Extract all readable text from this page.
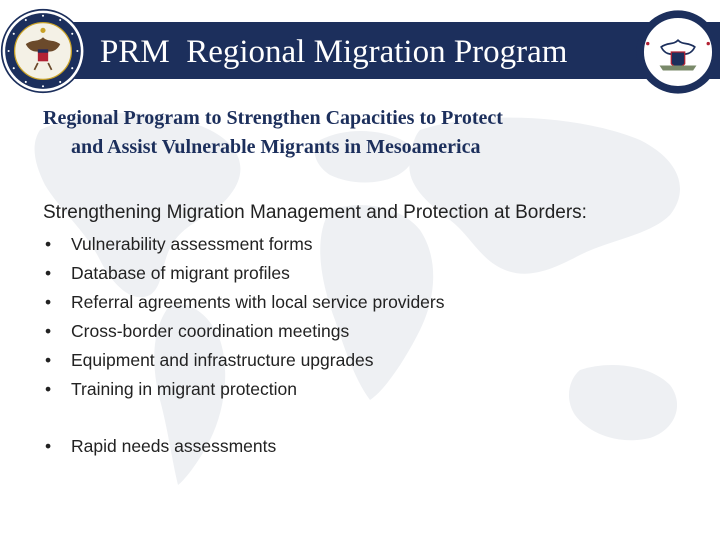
PRM  Regional Migration Program
Regional Program to Strengthen Capacities to Protect

and Assist Vulnerable Migrants in Mesoamerica
Strengthening Migration Management and Protection at Borders:
•	Vulnerability assessment forms
•	Database of migrant profiles
•	Referral agreements with local service providers
•	Cross-border coordination meetings
•	Equipment and infrastructure upgrades
•	Training in migrant protection
•	Rapid needs assessments
